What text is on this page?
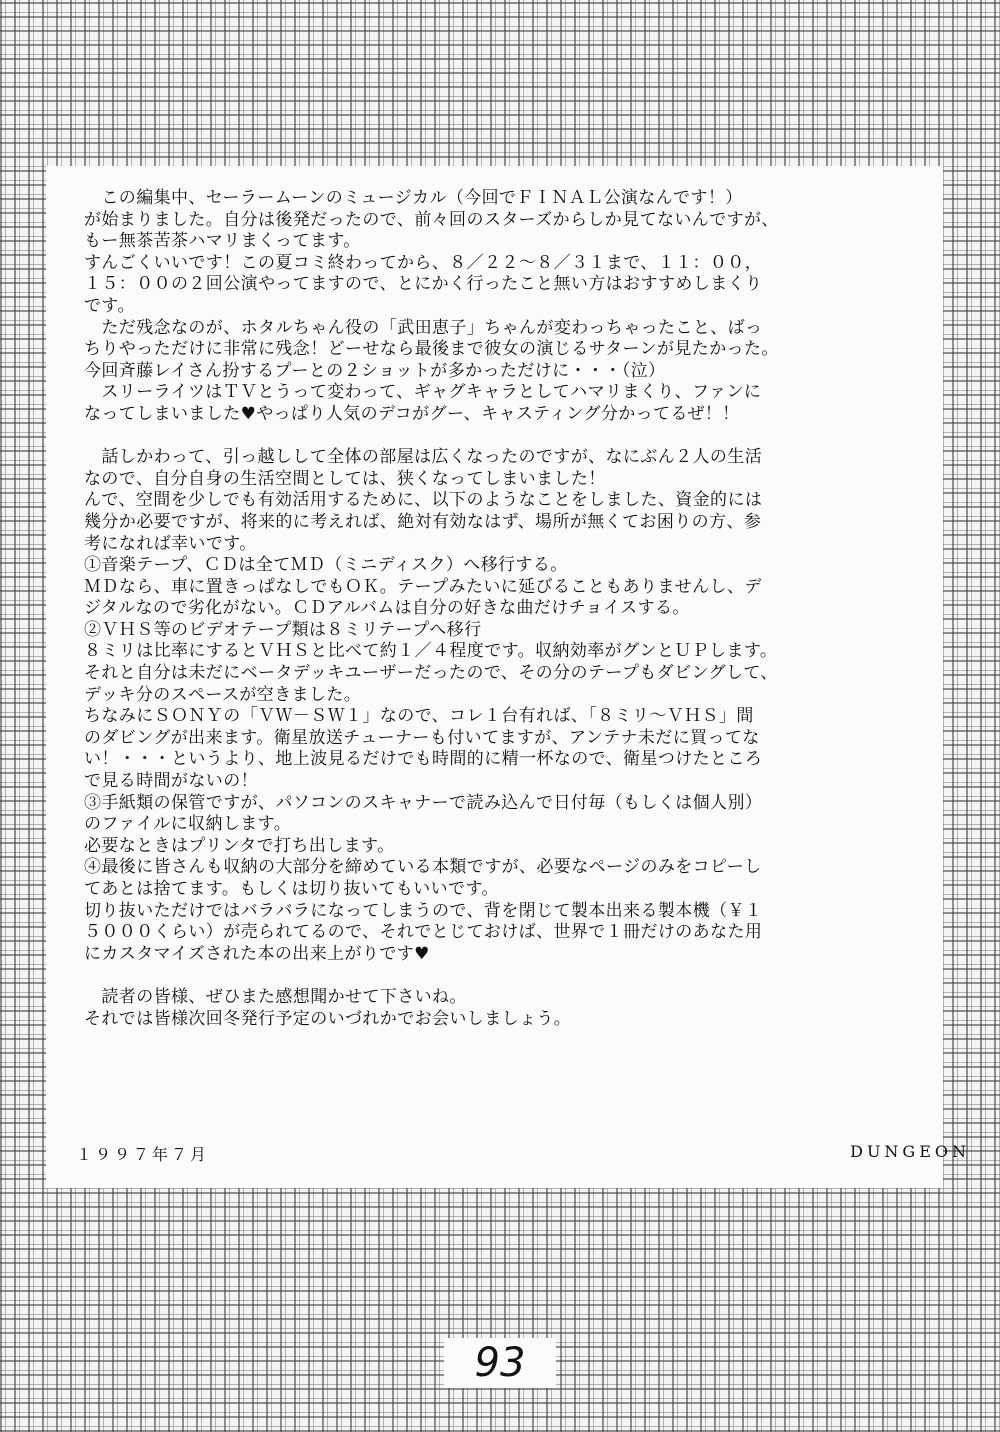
　この編集中、セーラームーンのミュージカル（今回でＦＩＮＡＬ公演なんです！）

が始まりました。自分は後発だったので、前々回のスターズからしか見てないんですが、

もー無茶苦茶ハマリまくってます。

すんごくいいです！この夏コミ終わってから、８／２２～８／３１まで、１１：００，

１５：００の２回公演やってますので、とにかく行ったこと無い方はおすすめしまくり

です。

　ただ残念なのが、ホタルちゃん役の「武田恵子」ちゃんが変わっちゃったこと、ばっ

ちりやっただけに非常に残念！どーせなら最後まで彼女の演じるサターンが見たかった。

今回斉藤レイさん扮するプーとの２ショットが多かっただけに・・・（泣）

　スリーライツはＴＶとうって変わって、ギャグキャラとしてハマリまくり、ファンに

なってしまいました♥やっぱり人気のデコがグー、キャスティング分かってるぜ！！

　話しかわって、引っ越しして全体の部屋は広くなったのですが、なにぶん２人の生活

なので、自分自身の生活空間としては、狭くなってしまいました！

んで、空間を少しでも有効活用するために、以下のようなことをしました、資金的には

幾分か必要ですが、将来的に考えれば、絶対有効なはず、場所が無くてお困りの方、参

考になれば幸いです。

①音楽テープ、ＣＤは全てＭＤ（ミニディスク）へ移行する。

ＭＤなら、車に置きっぱなしでもＯＫ。テープみたいに延びることもありませんし、デ

ジタルなので劣化がない。ＣＤアルバムは自分の好きな曲だけチョイスする。

②ＶＨＳ等のビデオテープ類は８ミリテープへ移行

８ミリは比率にするとＶＨＳと比べて約１／４程度です。収納効率がグンとＵＰします。

それと自分は未だにベータデッキユーザーだったので、その分のテープもダビングして、

デッキ分のスペースが空きました。

ちなみにＳＯＮＹの「ＶＷ－ＳＷ１」なので、コレ１台有れば、「８ミリ～ＶＨＳ」間

のダビングが出来ます。衛星放送チューナーも付いてますが、アンテナ未だに買ってな

い！・・・というより、地上波見るだけでも時間的に精一杯なので、衛星つけたところ

で見る時間がないの！

③手紙類の保管ですが、パソコンのスキャナーで読み込んで日付毎（もしくは個人別）

のファイルに収納します。

必要なときはプリンタで打ち出します。

④最後に皆さんも収納の大部分を締めている本類ですが、必要なページのみをコピーし

てあとは捨てます。もしくは切り抜いてもいいです。

切り抜いただけではバラバラになってしまうので、背を閉じて製本出来る製本機（￥１

５０００くらい）が売られてるので、それでとじておけば、世界で１冊だけのあなた用

にカスタマイズされた本の出来上がりです♥

　読者の皆様、ぜひまた感想聞かせて下さいね。

それでは皆様次回冬発行予定のいづれかでお会いしましょう。

１９９７年７月	DUNGEON
93
